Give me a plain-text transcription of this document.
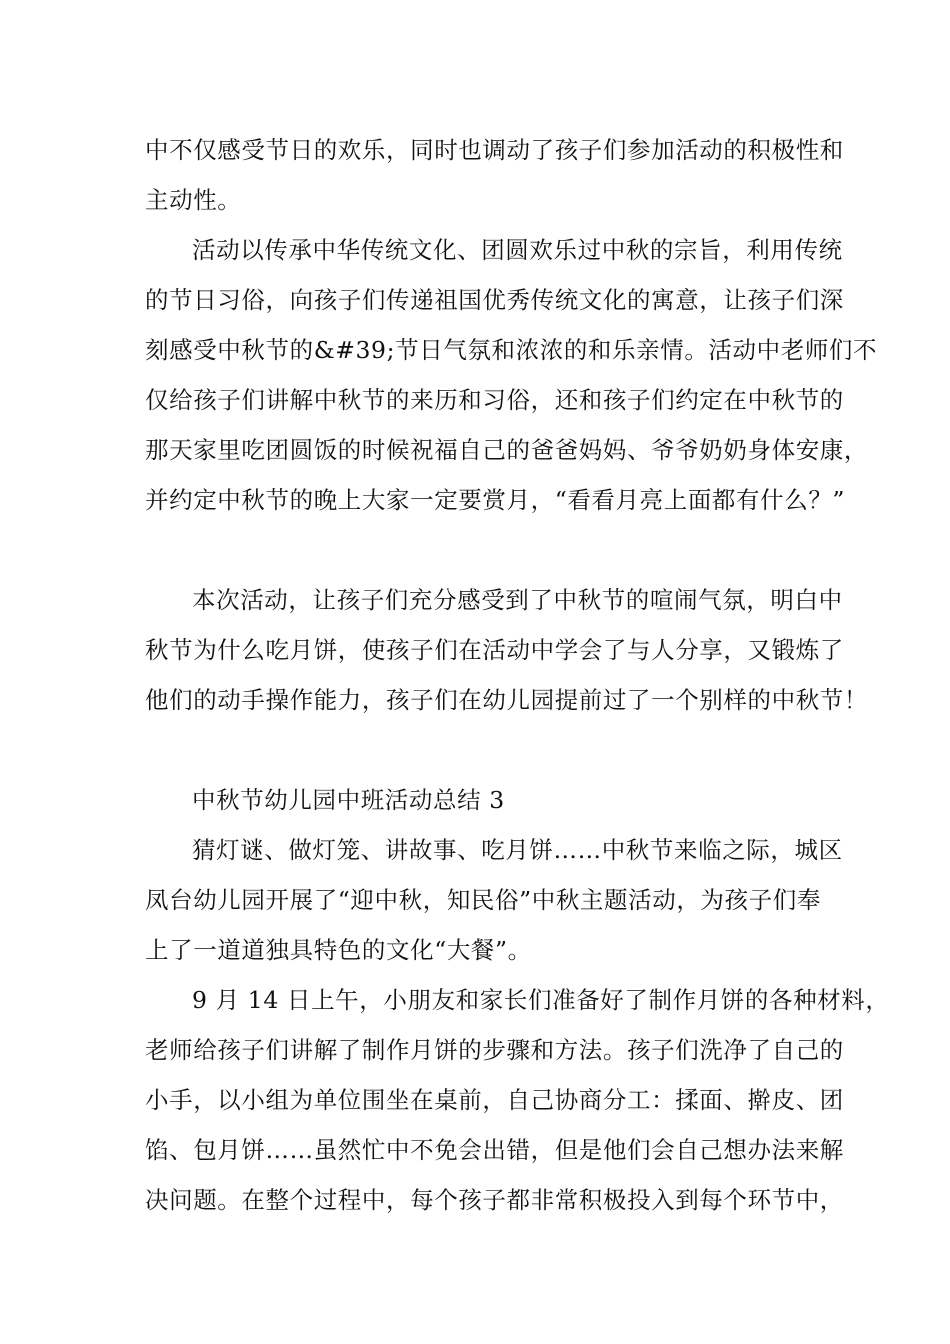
中不仅感受节日的欢乐，同时也调动了孩子们参加活动的积极性和
主动性。
活动以传承中华传统文化、团圆欢乐过中秋的宗旨，利用传统
的节日习俗，向孩子们传递祖国优秀传统文化的寓意，让孩子们深
刻感受中秋节的&#39;节日气氛和浓浓的和乐亲情。活动中老师们不
仅给孩子们讲解中秋节的来历和习俗，还和孩子们约定在中秋节的
那天家里吃团圆饭的时候祝福自己的爸爸妈妈、爷爷奶奶身体安康，
并约定中秋节的晚上大家一定要赏月，“看看月亮上面都有什么？”
本次活动，让孩子们充分感受到了中秋节的喧闹气氛，明白中
秋节为什么吃月饼，使孩子们在活动中学会了与人分享，又锻炼了
他们的动手操作能力，孩子们在幼儿园提前过了一个别样的中秋节！
中秋节幼儿园中班活动总结 3
猜灯谜、做灯笼、讲故事、吃月饼……中秋节来临之际，城区
凤台幼儿园开展了“迎中秋，知民俗”中秋主题活动，为孩子们奉
上了一道道独具特色的文化“大餐”。
9 月 14 日上午，小朋友和家长们准备好了制作月饼的各种材料，
老师给孩子们讲解了制作月饼的步骤和方法。孩子们洗净了自己的
小手，以小组为单位围坐在桌前，自己协商分工：揉面、擀皮、团
馅、包月饼……虽然忙中不免会出错，但是他们会自己想办法来解
决问题。在整个过程中，每个孩子都非常积极投入到每个环节中，
